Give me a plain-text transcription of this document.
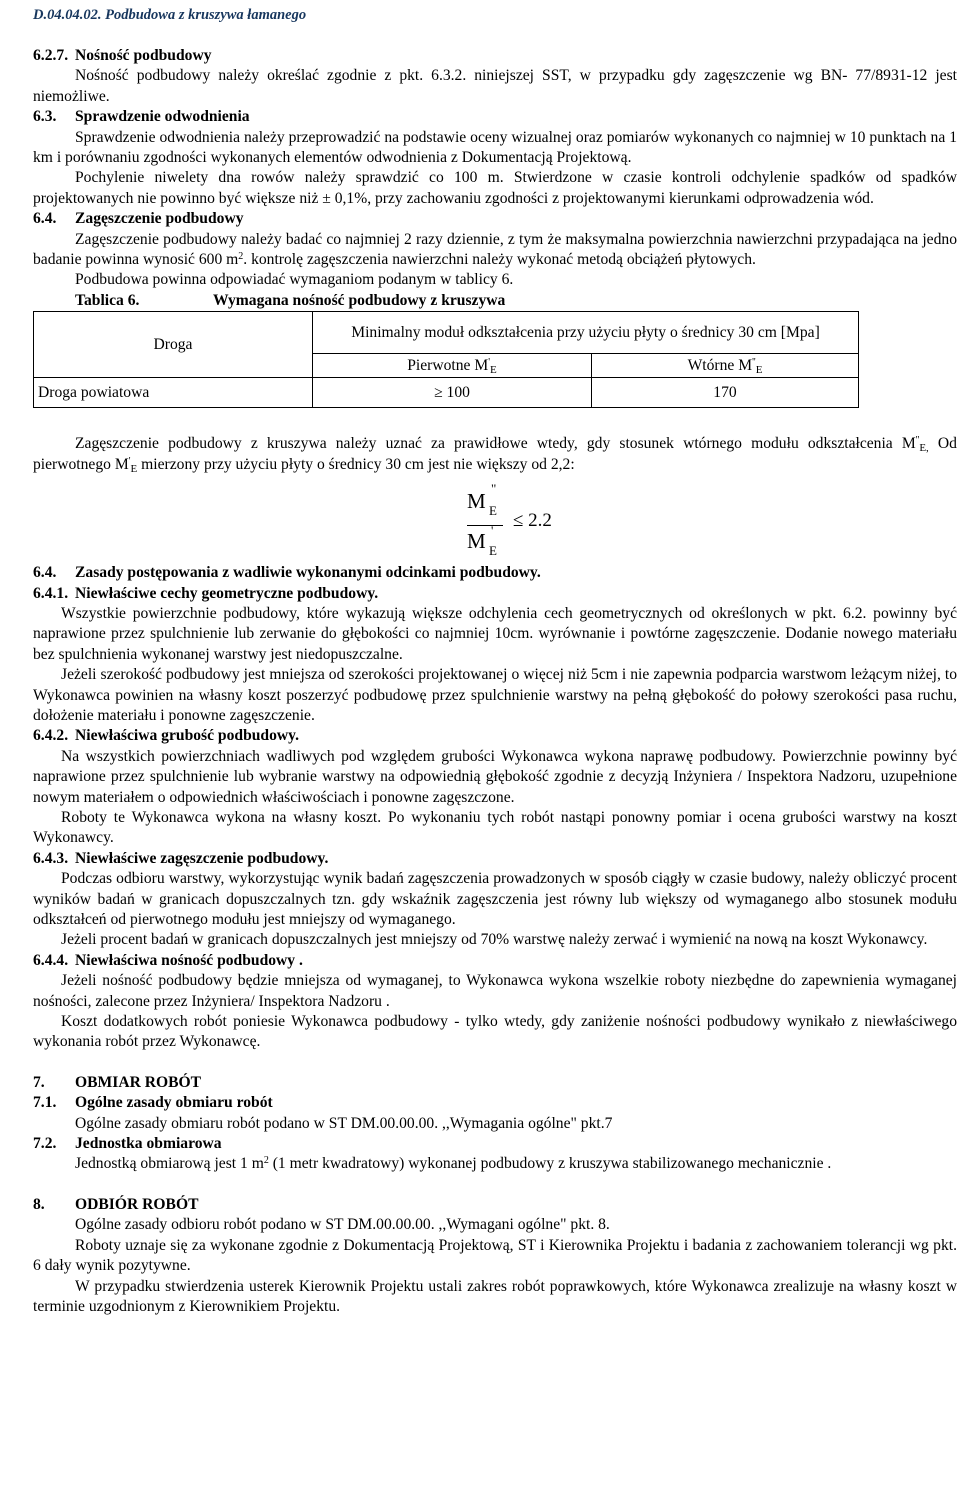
D.04.04.02. Podbudowa z kruszywa łamanego
6.2.7. Nośność podbudowy

Nośność podbudowy należy określać zgodnie z pkt. 6.3.2. niniejszej SST, w przypadku gdy zagęszczenie wg BN- 77/8931-12 jest niemożliwe.

6.3. Sprawdzenie odwodnienia

Sprawdzenie odwodnienia należy przeprowadzić na podstawie oceny wizualnej oraz pomiarów wykonanych co najmniej w 10 punktach na 1 km i porównaniu zgodności wykonanych elementów odwodnienia z Dokumentacją Projektową.

Pochylenie niwelety dna rowów należy sprawdzić co 100 m. Stwierdzone w czasie kontroli odchylenie spadków od spadków projektowanych nie powinno być większe niż ± 0,1%, przy zachowaniu zgodności z projektowanymi kierunkami odprowadzenia wód.

6.4. Zagęszczenie podbudowy

Zagęszczenie podbudowy należy badać co najmniej 2 razy dziennie, z tym że maksymalna powierzchnia nawierzchni przypadająca na jedno badanie powinna wynosić 600 $m^2$. kontrolę zagęszczenia nawierzchni należy wykonać metodą obciążeń płytowych.

Podbudowa powinna odpowiadać wymaganiom podanym w tablicy 6.

Tablica 6.	Wymagana nośność podbudowy z kruszywa
Droga	Minimalny moduł odkształcenia przy użyciu płyty o średnicy 30 cm [Mpa]	
	Pierwotne $M'_E$	Wtórne $M''_E$
Droga powiatowa	≥ 100	170

Zagęszczenie podbudowy z kruszywa należy uznać za prawidłowe wtedy, gdy stosunek wtórnego modułu odkształcenia $M''_{E,}$ Od pierwotnego $M'_E$ mierzony przy użyciu płyty o średnicy 30 cm jest nie większy od 2,2:

M
"
E
M '
E
≤ 2.2
6.4. Zasady postępowania z wadliwie wykonanymi odcinkami podbudowy.
6.4.1. Niewłaściwe cechy geometryczne podbudowy.

Wszystkie powierzchnie podbudowy, które wykazują większe odchylenia cech geometrycznych od określonych w pkt. 6.2. powinny być naprawione przez spulchnienie lub zerwanie do głębokości co najmniej 10cm. wyrównanie i powtórne zagęszczenie. Dodanie nowego materiału bez spulchnienia wykonanej warstwy jest niedopuszczalne.

Jeżeli szerokość podbudowy jest mniejsza od szerokości projektowanej o więcej niż 5cm i nie zapewnia podparcia warstwom leżącym niżej, to Wykonawca powinien na własny koszt poszerzyć podbudowę przez spulchnienie warstwy na pełną głębokość do połowy szerokości pasa ruchu, dołożenie materiału i ponowne zagęszczenie.

6.4.2. Niewłaściwa grubość podbudowy.

Na wszystkich powierzchniach wadliwych pod względem grubości Wykonawca wykona naprawę podbudowy. Powierzchnie powinny być naprawione przez spulchnienie lub wybranie warstwy na odpowiednią głębokość zgodnie z decyzją Inżyniera / Inspektora Nadzoru, uzupełnione nowym materiałem o odpowiednich właściwościach i ponowne zagęszczone.

Roboty te Wykonawca wykona na własny koszt. Po wykonaniu tych robót nastąpi ponowny pomiar i ocena grubości warstwy na koszt Wykonawcy.

6.4.3. Niewłaściwe zagęszczenie podbudowy.

Podczas odbioru warstwy, wykorzystując wynik badań zagęszczenia prowadzonych w sposób ciągły w czasie budowy, należy obliczyć procent wyników badań w granicach dopuszczalnych tzn. gdy wskaźnik zagęszczenia jest równy lub większy od wymaganego albo stosunek modułu odkształceń od pierwotnego modułu jest mniejszy od wymaganego.

Jeżeli procent badań w granicach dopuszczalnych jest mniejszy od 70% warstwę należy zerwać i wymienić na nową na koszt Wykonawcy.

6.4.4. Niewłaściwa nośność podbudowy .

Jeżeli nośność podbudowy będzie mniejsza od wymaganej, to Wykonawca wykona wszelkie roboty niezbędne do zapewnienia wymaganej nośności, zalecone przez Inżyniera/ Inspektora Nadzoru .

Koszt dodatkowych robót poniesie Wykonawca podbudowy - tylko wtedy, gdy zaniżenie nośności podbudowy wynikało z niewłaściwego wykonania robót przez Wykonawcę.

7. OBMIAR ROBÓT
7.1. Ogólne zasady obmiaru robót

Ogólne zasady obmiaru robót podano w ST DM.00.00.00. ,,Wymagania ogólne" pkt.7

7.2. Jednostka obmiarowa

Jednostką obmiarową jest 1 $m^2$ (1 metr kwadratowy) wykonanej podbudowy z kruszywa stabilizowanego mechanicznie .

8. ODBIÓR ROBÓT

Ogólne zasady odbioru robót podano w ST DM.00.00.00. ,,Wymagani ogólne" pkt. 8.

Roboty uznaje się za wykonane zgodnie z Dokumentacją Projektową, ST i Kierownika Projektu i badania z zachowaniem tolerancji wg pkt. 6 dały wynik pozytywne.

W przypadku stwierdzenia usterek Kierownik Projektu ustali zakres robót poprawkowych, które Wykonawca zrealizuje na własny koszt w terminie uzgodnionym z Kierownikiem Projektu.
